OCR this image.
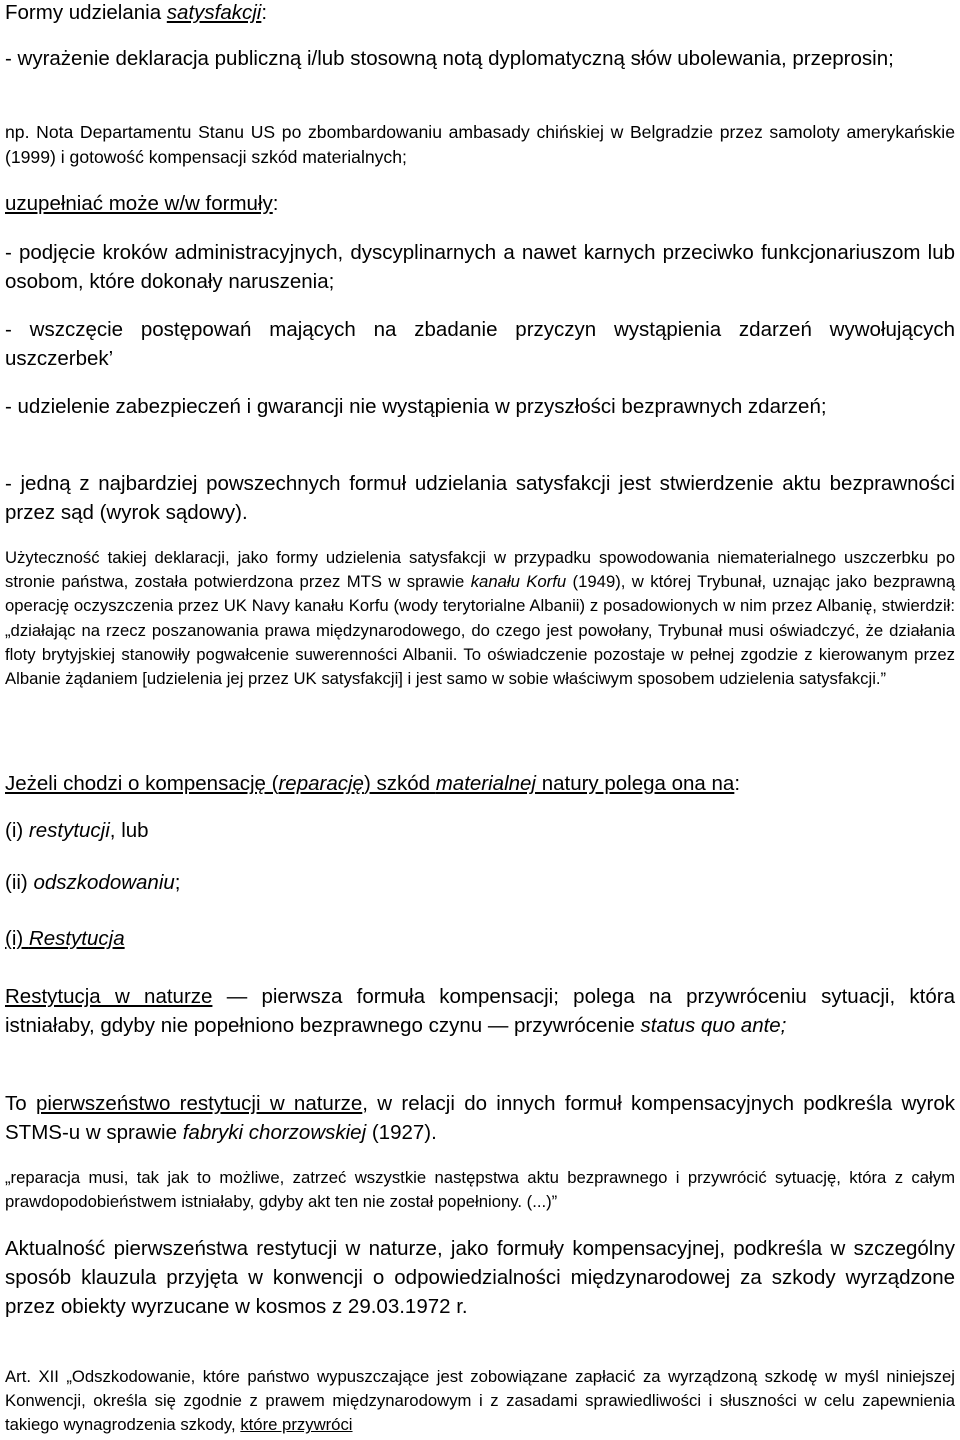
Formy udzielania satysfakcji:

- wyrażenie deklaracja publiczną i/lub stosowną notą dyplomatyczną słów ubolewania, przeprosin;

np. Nota Departamentu Stanu US po zbombardowaniu ambasady chińskiej w Belgradzie przez samoloty amerykańskie (1999) i gotowość kompensacji szkód materialnych;

uzupełniać może w/w formuły:

- podjęcie kroków administracyjnych, dyscyplinarnych a nawet karnych przeciwko funkcjonariuszom lub osobom, które dokonały naruszenia;

- wszczęcie postępowań mających na zbadanie przyczyn wystąpienia zdarzeń wywołujących uszczerbek’

- udzielenie zabezpieczeń i gwarancji nie wystąpienia w przyszłości bezprawnych zdarzeń;

- jedną z najbardziej powszechnych formuł udzielania satysfakcji jest stwierdzenie aktu bezprawności przez sąd (wyrok sądowy).

Użyteczność takiej deklaracji, jako formy udzielenia satysfakcji w przypadku spowodowania niematerialnego uszczerbku po stronie państwa, została potwierdzona przez MTS w sprawie kanału Korfu (1949), w której Trybunał, uznając jako bezprawną operację oczyszczenia przez UK Navy kanału Korfu (wody terytorialne Albanii) z posadowionych w nim przez Albanię, stwierdził: „działając na rzecz poszanowania prawa międzynarodowego, do czego jest powołany, Trybunał musi oświadczyć, że działania floty brytyjskiej stanowiły pogwałcenie suwerenności Albanii. To oświadczenie pozostaje w pełnej zgodzie z kierowanym przez Albanie żądaniem [udzielenia jej przez UK satysfakcji] i jest samo w sobie właściwym sposobem udzielenia satysfakcji.”

Jeżeli chodzi o kompensację (reparację) szkód materialnej natury polega ona na:

(i) restytucji, lub

(ii) odszkodowaniu;

(i) Restytucja

Restytucja w naturze — pierwsza formuła kompensacji; polega na przywróceniu sytuacji, która istniałaby, gdyby nie popełniono bezprawnego czynu — przywrócenie status quo ante;

To pierwszeństwo restytucji w naturze, w relacji do innych formuł kompensacyjnych podkreśla wyrok STMS-u w sprawie fabryki chorzowskiej (1927).

„reparacja musi, tak jak to możliwe, zatrzeć wszystkie następstwa aktu bezprawnego i przywrócić sytuację, która z całym prawdopodobieństwem istniałaby, gdyby akt ten nie został popełniony. (...)”

Aktualność pierwszeństwa restytucji w naturze, jako formuły kompensacyjnej, podkreśla w szczególny sposób klauzula przyjęta w konwencji o odpowiedzialności międzynarodowej za szkody wyrządzone przez obiekty wyrzucane w kosmos z 29.03.1972 r.

Art. XII „Odszkodowanie, które państwo wypuszczające jest zobowiązane zapłacić za wyrządzoną szkodę w myśl niniejszej Konwencji, określa się zgodnie z prawem międzynarodowym i z zasadami sprawiedliwości i słuszności w celu zapewnienia takiego wynagrodzenia szkody, które przywróci
